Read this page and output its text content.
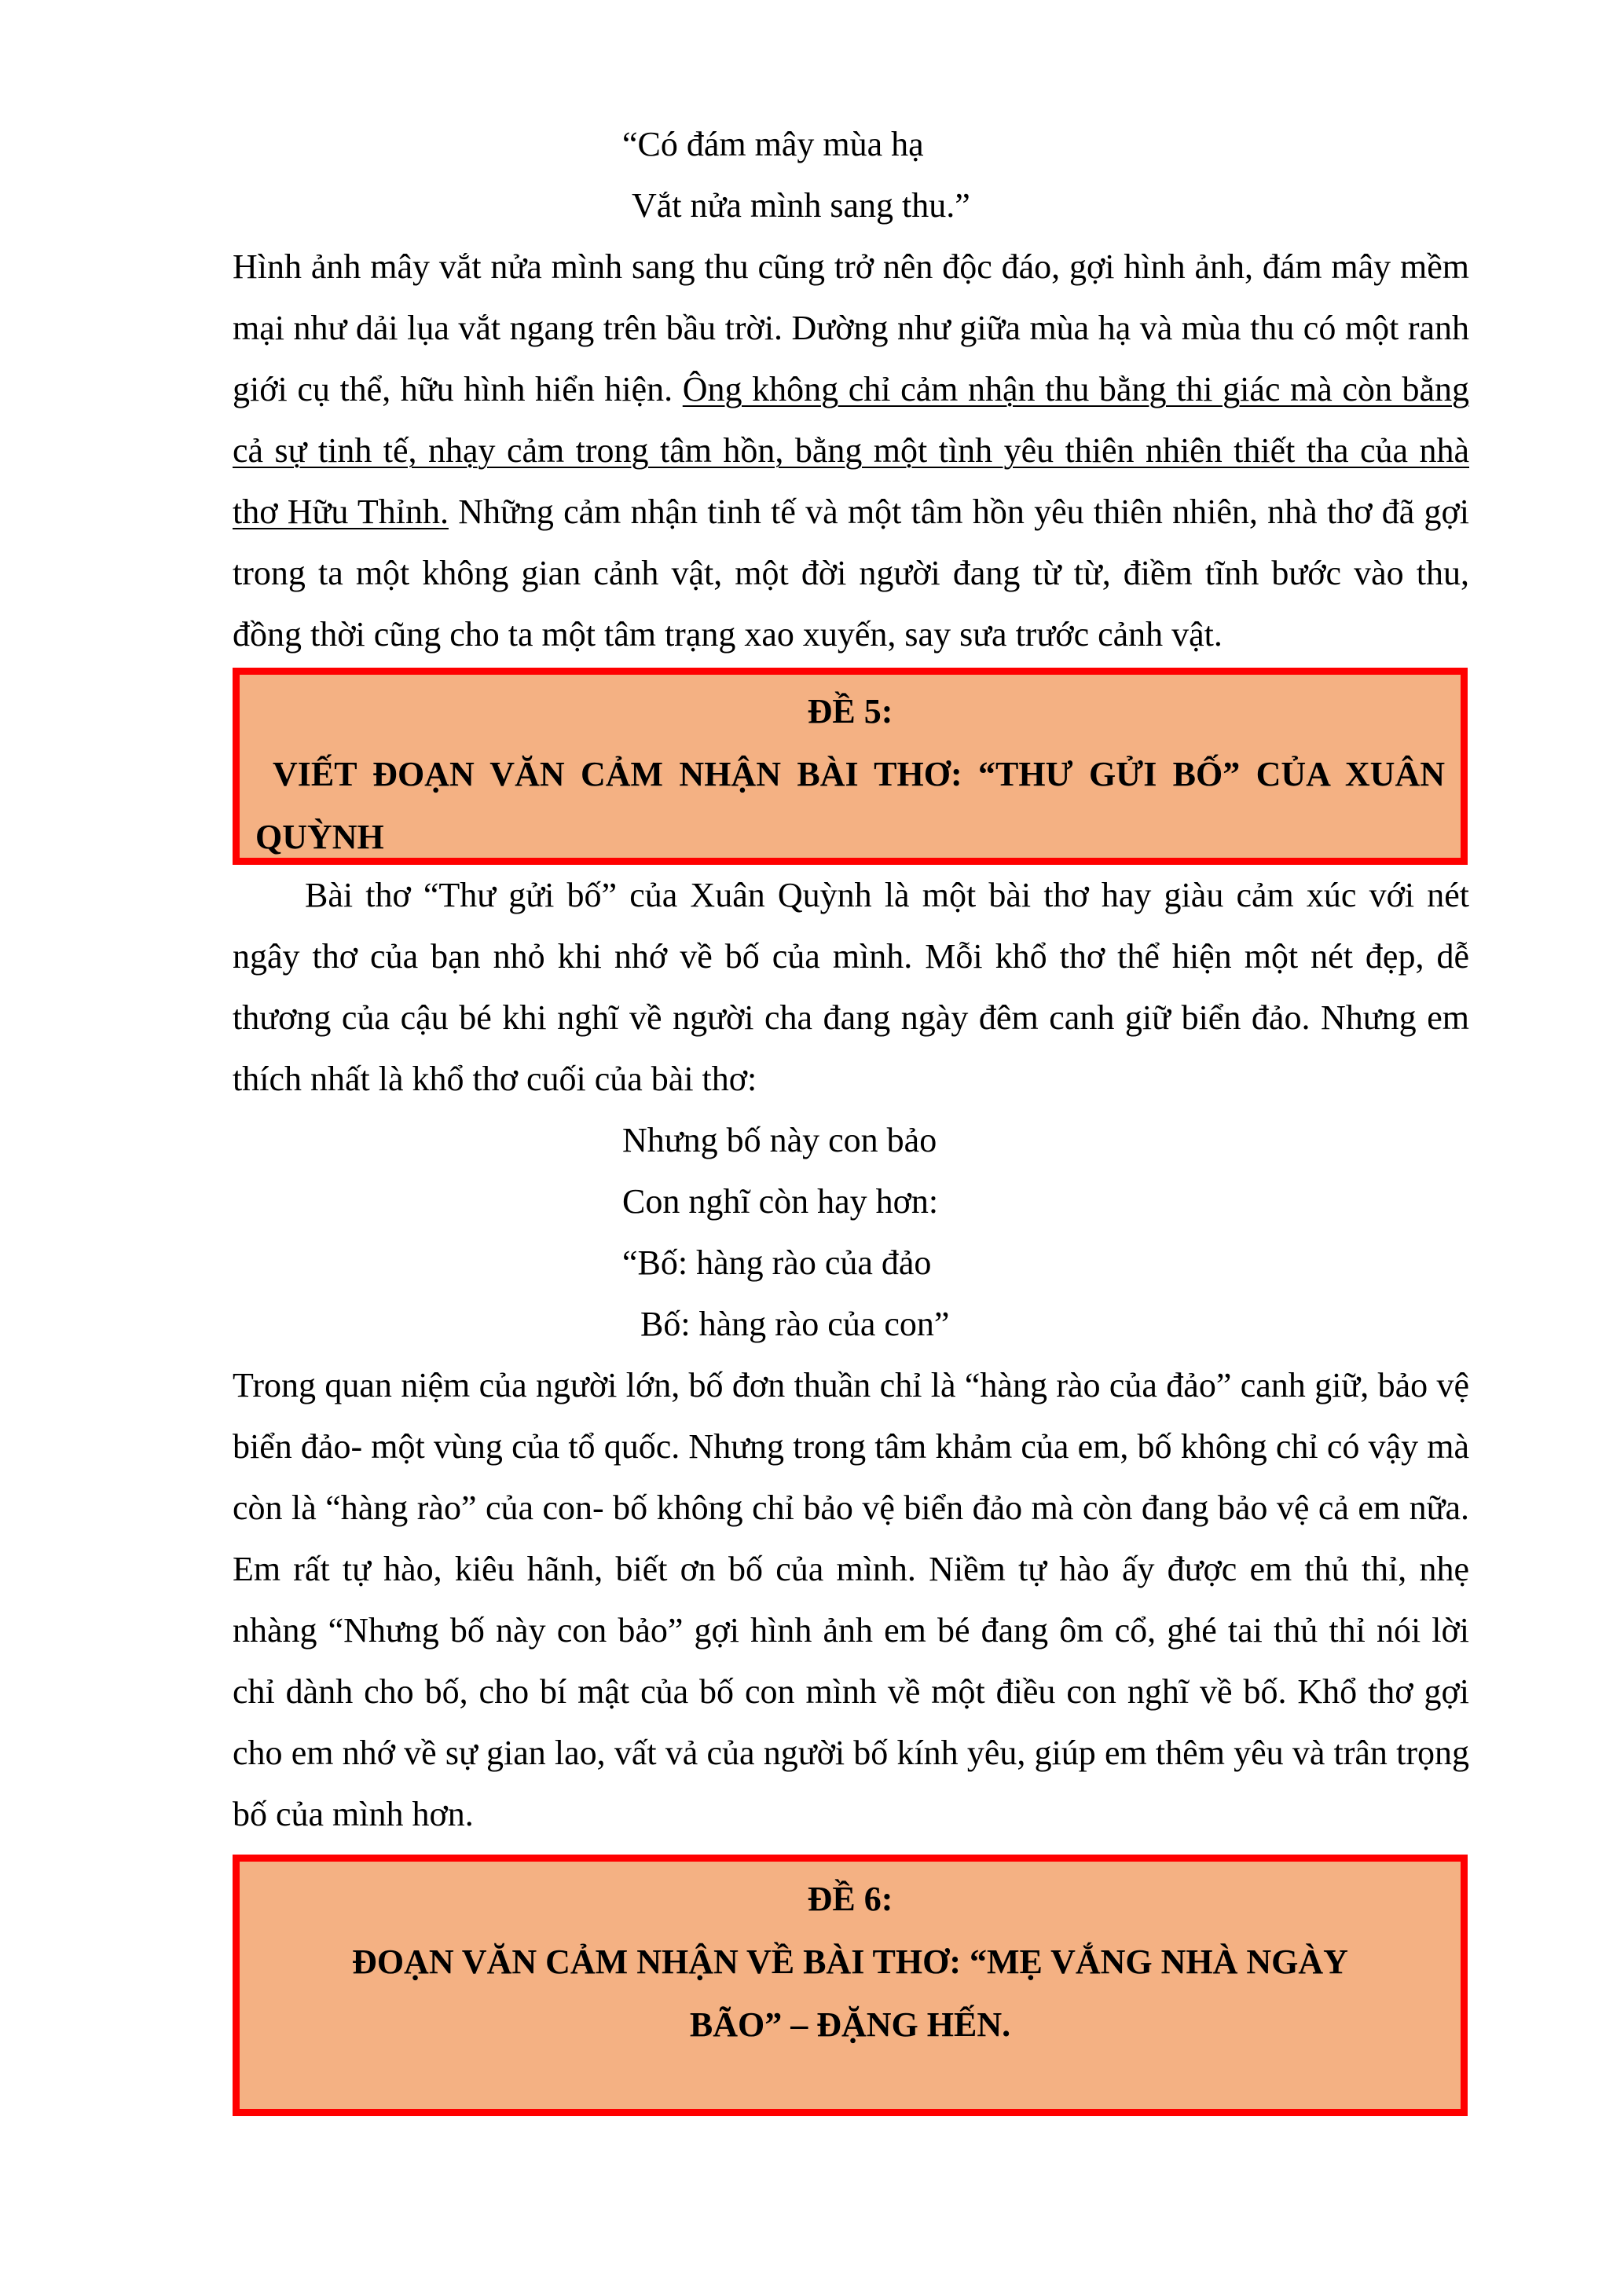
“Có đám mây mùa hạ

Vắt nửa mình sang thu.”

Hình ảnh mây vắt nửa mình sang thu cũng trở nên độc đáo, gợi hình ảnh, đám mây mềm mại như dải lụa vắt ngang trên bầu trời. Dường như giữa mùa hạ và mùa thu có một ranh giới cụ thể, hữu hình hiển hiện. Ông không chỉ cảm nhận thu bằng thi giác mà còn bằng cả sự tinh tế, nhạy cảm trong tâm hồn, bằng một tình yêu thiên nhiên thiết tha của nhà thơ Hữu Thỉnh. Những cảm nhận tinh tế và một tâm hồn yêu thiên nhiên, nhà thơ đã gợi trong ta một không gian cảnh vật, một đời người đang từ từ, điềm tĩnh bước vào thu, đồng thời cũng cho ta một tâm trạng xao xuyến, say sưa trước cảnh vật.

ĐỀ 5:

VIẾT ĐOẠN VĂN CẢM NHẬN BÀI THƠ: “THƯ GỬI BỐ” CỦA XUÂN QUỲNH

Bài thơ “Thư gửi bố” của Xuân Quỳnh là một bài thơ hay giàu cảm xúc với nét ngây thơ của bạn nhỏ khi nhớ về bố của mình. Mỗi khổ thơ thể hiện một nét đẹp, dễ thương của cậu bé khi nghĩ về người cha đang ngày đêm canh giữ biển đảo. Nhưng em thích nhất là khổ thơ cuối của bài thơ:

Nhưng bố này con bảo

Con nghĩ còn hay hơn:

“Bố: hàng rào của đảo

Bố: hàng rào của con”

Trong quan niệm của người lớn, bố đơn thuần chỉ là “hàng rào của đảo” canh giữ, bảo vệ biển đảo- một vùng của tổ quốc. Nhưng trong tâm khảm của em, bố không chỉ có vậy mà còn là “hàng rào” của con- bố không chỉ bảo vệ biển đảo mà còn đang bảo vệ cả em nữa. Em rất tự hào, kiêu hãnh, biết ơn bố của mình. Niềm tự hào ấy được em thủ thỉ, nhẹ nhàng “Nhưng bố này con bảo” gợi hình ảnh em bé đang ôm cổ, ghé tai thủ thỉ nói lời chỉ dành cho bố, cho bí mật của bố con mình về một điều con nghĩ về bố. Khổ thơ gợi cho em nhớ về sự gian lao, vất vả của người bố kính yêu, giúp em thêm yêu và trân trọng bố của mình hơn.

ĐỀ 6:

ĐOẠN VĂN CẢM NHẬN VỀ BÀI THƠ: “MẸ VẮNG NHÀ NGÀY BÃO” – ĐẶNG HẾN.
